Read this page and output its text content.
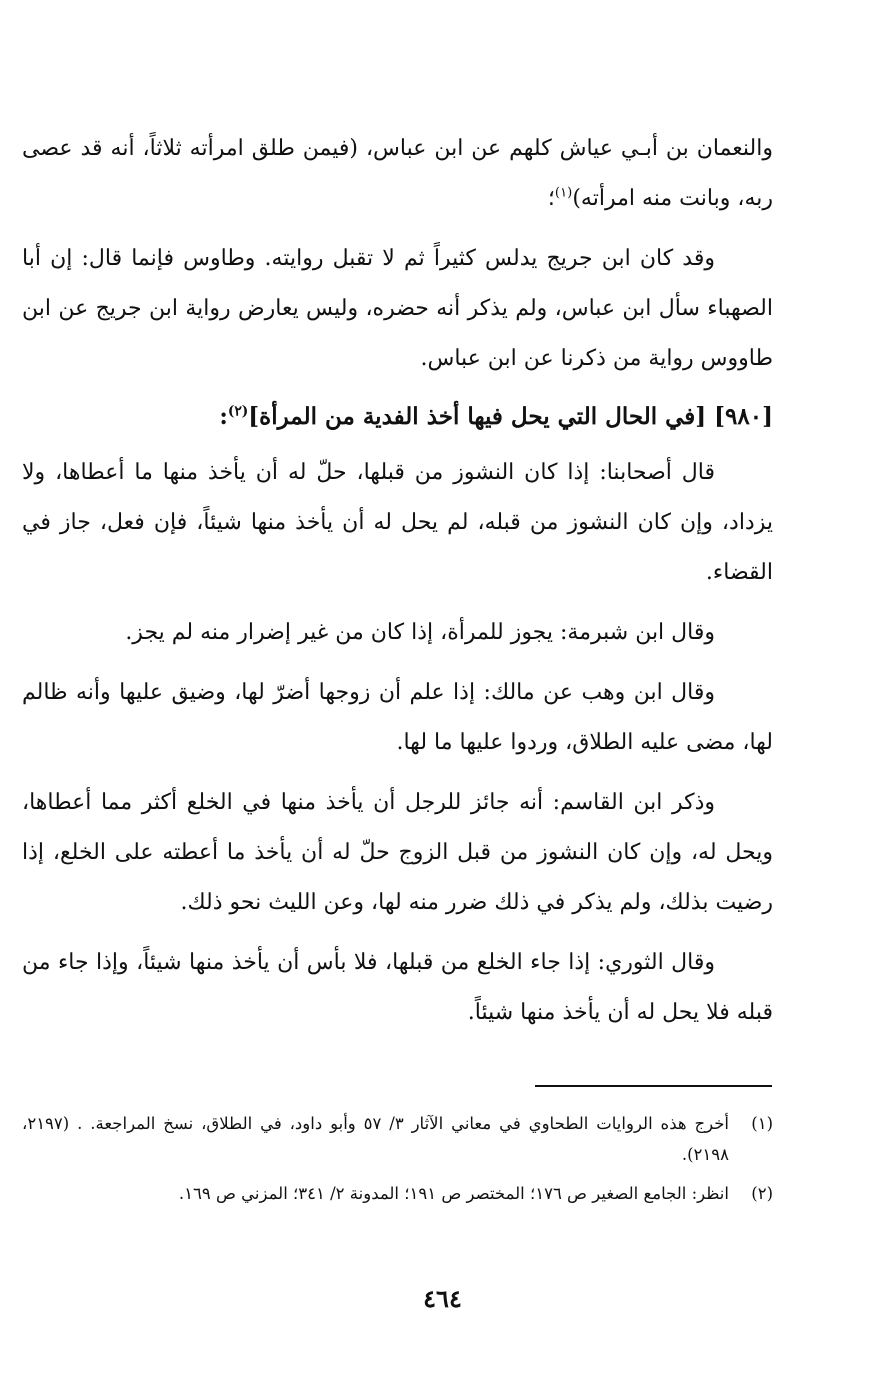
والنعمان بن أبـي عياش كلهم عن ابن عباس، (فيمن طلق امرأته ثلاثاً، أنه قد عصى ربه، وبانت منه امرأته)$^{(١)}$؛

وقد كان ابن جريج يدلس كثيراً ثم لا تقبل روايته. وطاوس فإنما قال: إن أبا الصهباء سأل ابن عباس، ولم يذكر أنه حضره، وليس يعارض رواية ابن جريج عن ابن طاووس رواية من ذكرنا عن ابن عباس.

[٩٨٠] [في الحال التي يحل فيها أخذ الفدية من المرأة]$^{(٢)}$:

قال أصحابنا: إذا كان النشوز من قبلها، حلّ له أن يأخذ منها ما أعطاها، ولا يزداد، وإن كان النشوز من قبله، لم يحل له أن يأخذ منها شيئاً، فإن فعل، جاز في القضاء.

وقال ابن شبرمة: يجوز للمرأة، إذا كان من غير إضرار منه لم يجز.

وقال ابن وهب عن مالك: إذا علم أن زوجها أضرّ لها، وضيق عليها وأنه ظالم لها، مضى عليه الطلاق، وردوا عليها ما لها.

وذكر ابن القاسم: أنه جائز للرجل أن يأخذ منها في الخلع أكثر مما أعطاها، ويحل له، وإن كان النشوز من قبل الزوج حلّ له أن يأخذ ما أعطته على الخلع، إذا رضيت بذلك، ولم يذكر في ذلك ضرر منه لها، وعن الليث نحو ذلك.

وقال الثوري: إذا جاء الخلع من قبلها، فلا بأس أن يأخذ منها شيئاً، وإذا جاء من قبله فلا يحل له أن يأخذ منها شيئاً.

(١)
أخرج هذه الروايات الطحاوي في معاني الآثار ٣/ ٥٧ وأبو داود، في الطلاق، نسخ المراجعة. . (٢١٩٧، ٢١٩٨).
(٢)
انظر: الجامع الصغير ص ١٧٦؛ المختصر ص ١٩١؛ المدونة ٢/ ٣٤١؛ المزني ص ١٦٩.
٤٦٤
